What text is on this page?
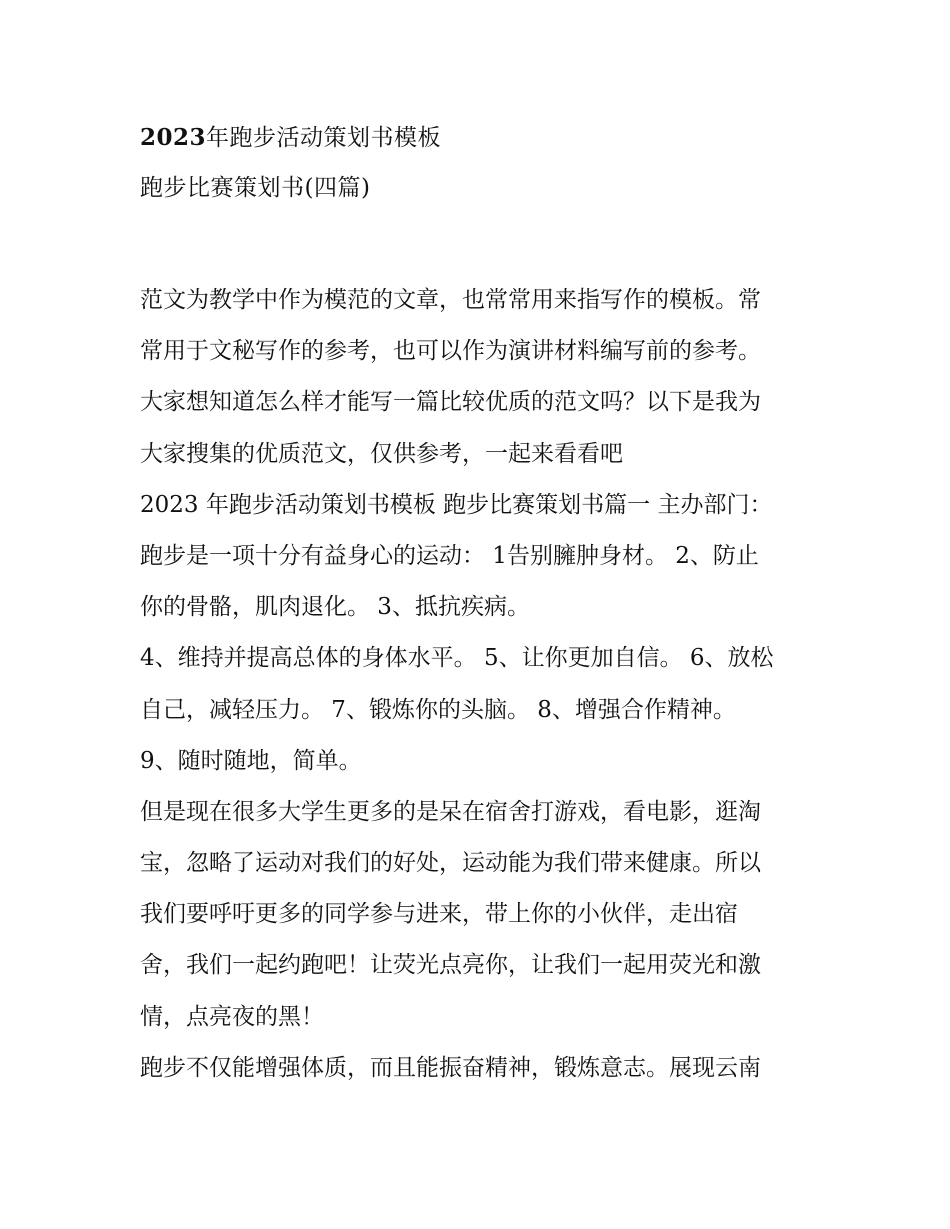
2023年跑步活动策划书模板
跑步比赛策划书(四篇)
范文为教学中作为模范的文章，也常常用来指写作的模板。常
常用于文秘写作的参考，也可以作为演讲材料编写前的参考。
大家想知道怎么样才能写一篇比较优质的范文吗？以下是我为
大家搜集的优质范文，仅供参考，一起来看看吧
2023 年跑步活动策划书模板 跑步比赛策划书篇一 主办部门：
跑步是一项十分有益身心的运动： 1告别臃肿身材。 2、防止
你的骨骼，肌肉退化。 3、抵抗疾病。
4、维持并提高总体的身体水平。 5、让你更加自信。 6、放松
自己，减轻压力。 7、锻炼你的头脑。 8、增强合作精神。
9、随时随地，简单。
但是现在很多大学生更多的是呆在宿舍打游戏，看电影，逛淘
宝，忽略了运动对我们的好处，运动能为我们带来健康。所以
我们要呼吁更多的同学参与进来，带上你的小伙伴，走出宿
舍，我们一起约跑吧！让荧光点亮你，让我们一起用荧光和激
情，点亮夜的黑！
跑步不仅能增强体质，而且能振奋精神，锻炼意志。展现云南
